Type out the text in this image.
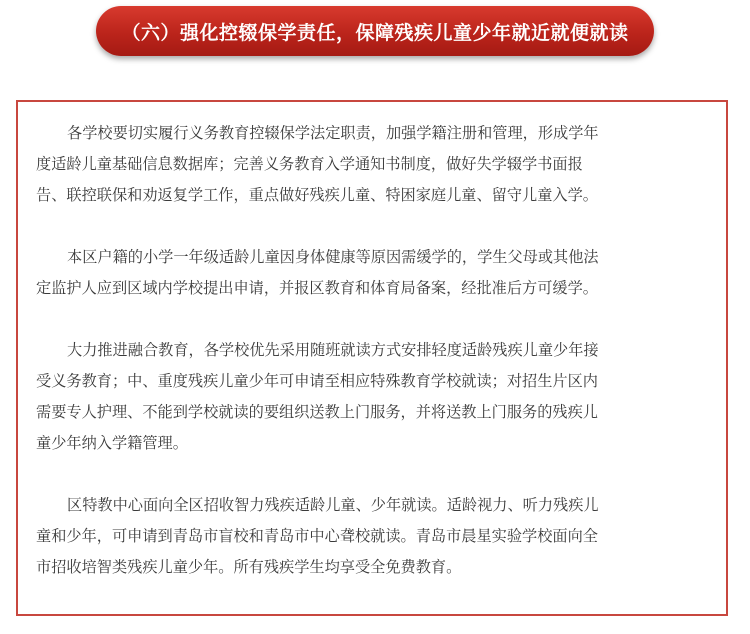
（六）强化控辍保学责任，保障残疾儿童少年就近就便就读

各学校要切实履行义务教育控辍保学法定职责，加强学籍注册和管理，形成学年
度适龄儿童基础信息数据库；完善义务教育入学通知书制度，做好失学辍学书面报
告、联控联保和劝返复学工作，重点做好残疾儿童、特困家庭儿童、留守儿童入学。

本区户籍的小学一年级适龄儿童因身体健康等原因需缓学的，学生父母或其他法
定监护人应到区域内学校提出申请，并报区教育和体育局备案，经批准后方可缓学。

大力推进融合教育，各学校优先采用随班就读方式安排轻度适龄残疾儿童少年接
受义务教育；中、重度残疾儿童少年可申请至相应特殊教育学校就读；对招生片区内
需要专人护理、不能到学校就读的要组织送教上门服务，并将送教上门服务的残疾儿
童少年纳入学籍管理。

区特教中心面向全区招收智力残疾适龄儿童、少年就读。适龄视力、听力残疾儿
童和少年，可申请到青岛市盲校和青岛市中心聋校就读。青岛市晨星实验学校面向全
市招收培智类残疾儿童少年。所有残疾学生均享受全免费教育。
